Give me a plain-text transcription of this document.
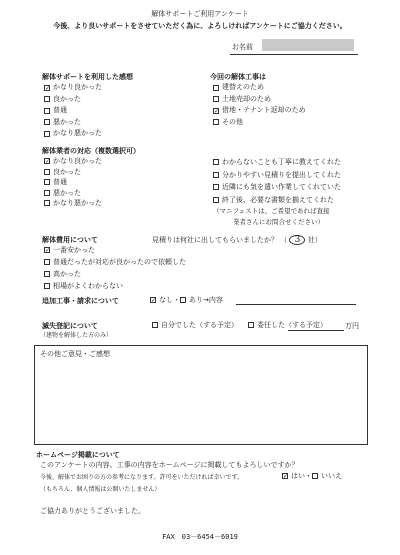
解体サポートご利用アンケート
今後、より良いサポートをさせていただく為に、よろしければアンケートにご協力ください。
お名前
解体サポートを利用した感想
✓ かなり良かった
良かった
普通
悪かった
かなり悪かった
今回の解体工事は
建替えのため
土地売却のため
✓ 借地・テナント返却のため
その他
解体業者の対応（複数選択可）
✓ かなり良かった
良かった
普通
悪かった
かなり悪かった
わからないことも丁寧に教えてくれた
分かりやすい見積りを提出してくれた
近隣にも気を遣い作業してくれていた
終了後、必要な書類を揃えてくれた
（マニフェストは、ご希望であれば直接
業者さんにお問合せください）
解体費用について	見積りは何社に出してもらいましたか？ （ 3 社）
✓ 一番安かった
普通だったが対応が良かったので依頼した
高かった
相場がよくわからない
追加工事・請求について	✓ なし ・ あり→内容
滅失登記について
（建物を解体した方のみ）
自分でした（する予定）	委任した（する予定）	万円
その他ご意見・ご感想
ホームページ掲載について
このアンケートの内容、工事の内容をホームページに掲載してもよろしいですか？
今後、解体でお困りの方の参考になります。許可をいただければ幸いです。	✓ はい ・ いいえ
（もちろん、個人情報は公開いたしません）
ご協力ありがとうございました。
FAX　03－6454－6019
